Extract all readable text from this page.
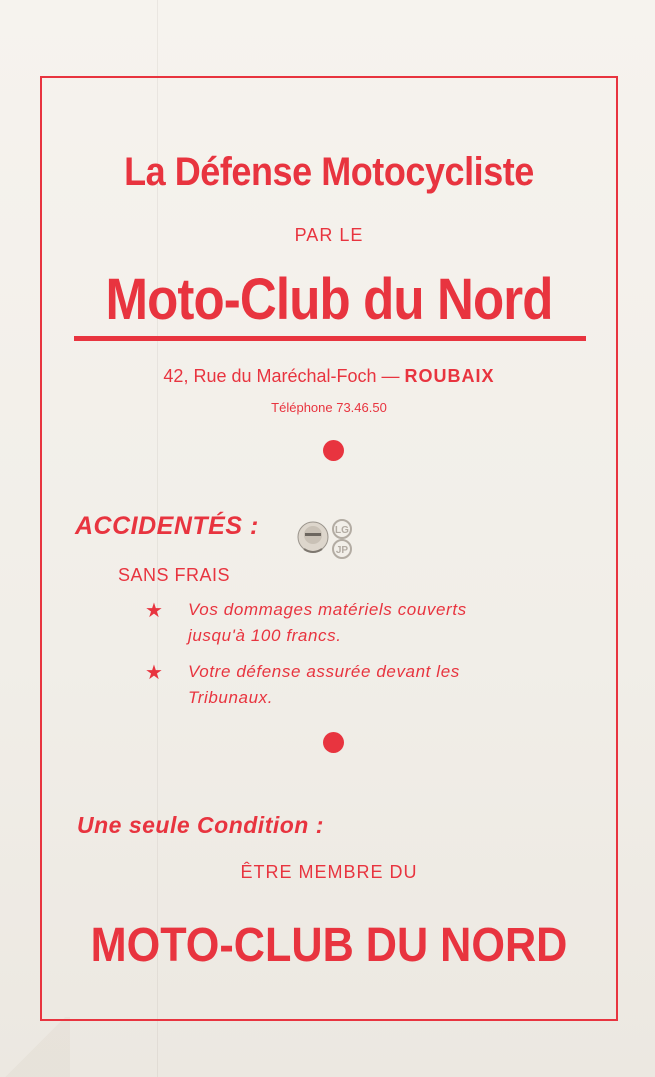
La Défense Motocycliste
PAR LE
Moto-Club du Nord
42, Rue du Maréchal-Foch — ROUBAIX
Téléphone 73.46.50
ACCIDENTÉS :	LG
JP
SANS FRAIS
★ Vos dommages matériels couverts
jusqu'à 100 francs.
★ Votre défense assurée devant les
Tribunaux.
Une seule Condition :
ÊTRE MEMBRE DU
MOTO-CLUB DU NORD
